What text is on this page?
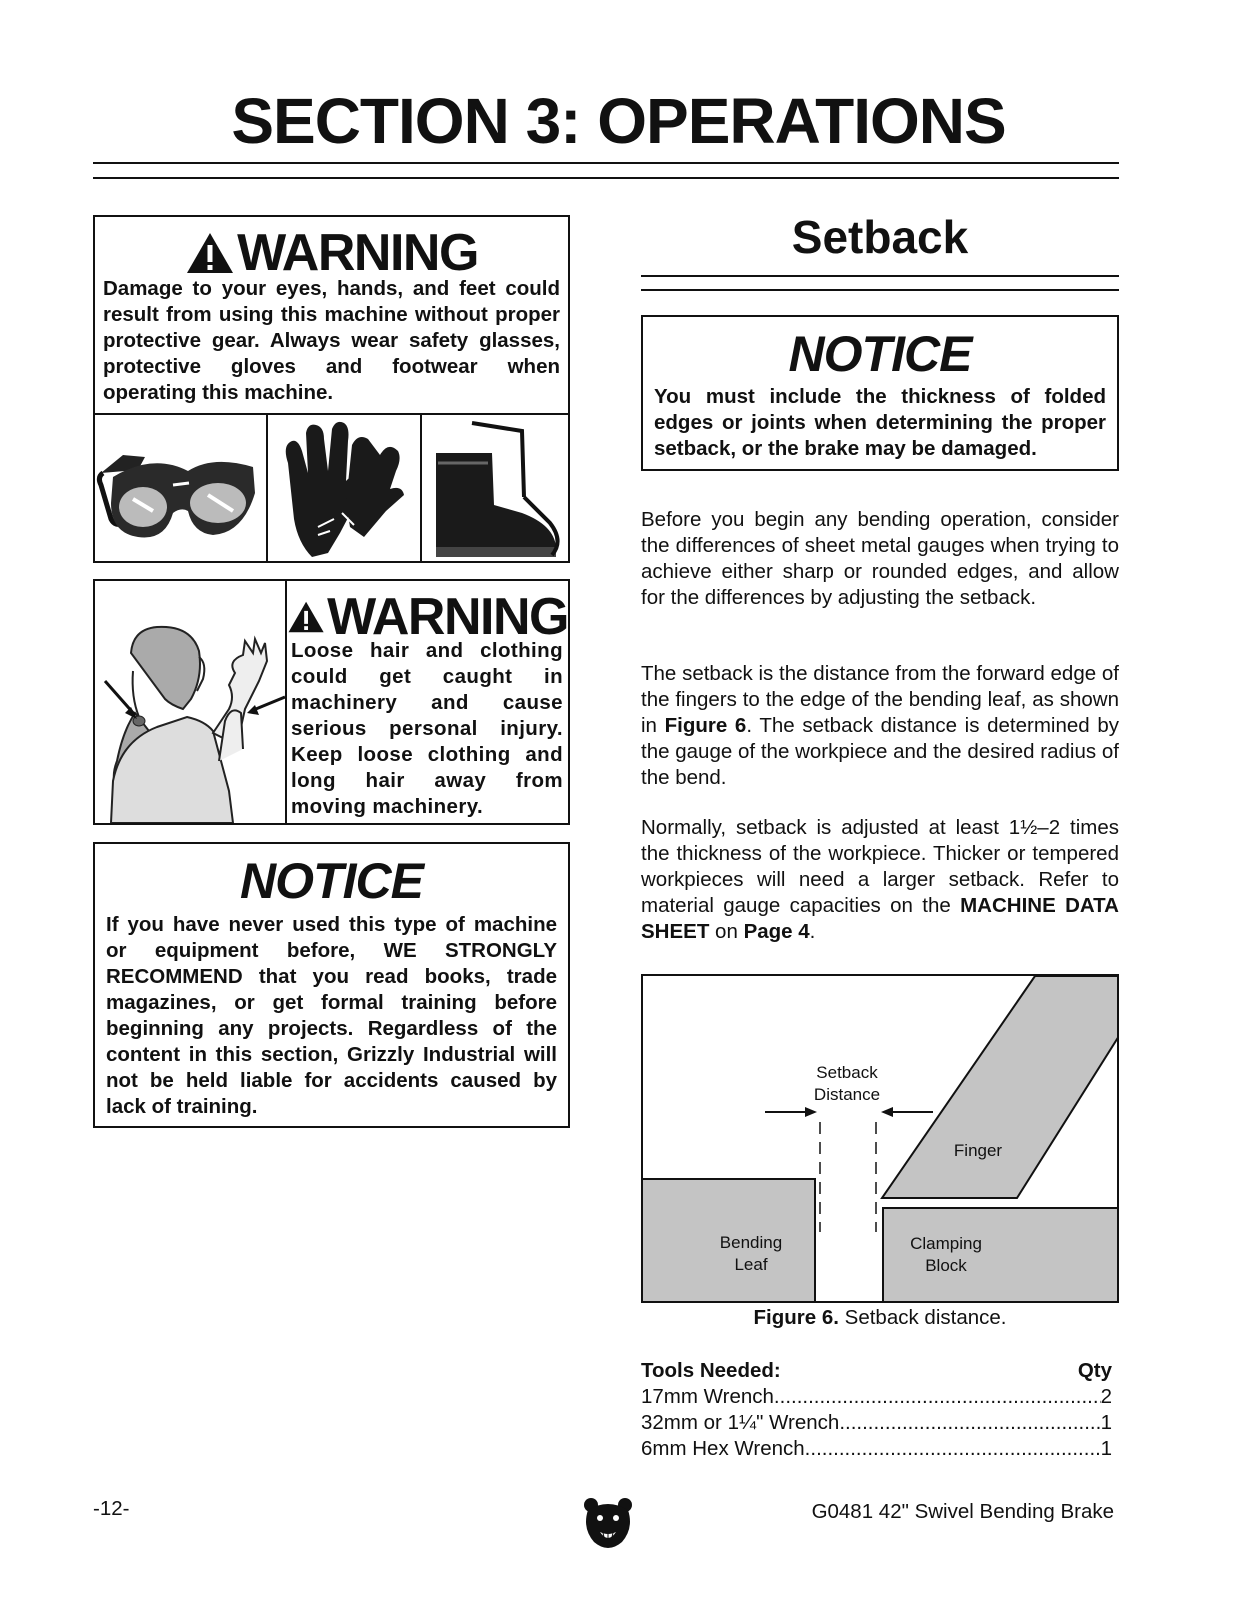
SECTION 3: OPERATIONS
WARNING
Damage to your eyes, hands, and feet could result from using this machine without proper protective gear. Always wear safety glasses, protective gloves and footwear when operating this machine.
WARNING
Loose hair and clothing could get caught in machinery and cause serious personal injury. Keep loose clothing and long hair away from moving machinery.
NOTICE
If you have never used this type of machine or equipment before, WE STRONGLY RECOMMEND that you read books, trade magazines, or get formal training before beginning any projects. Regardless of the content in this section, Grizzly Industrial will not be held liable for accidents caused by lack of training.
Setback
NOTICE
You must include the thickness of folded edges or joints when determining the proper setback, or the brake may be damaged.
Before you begin any bending operation, consider the differences of sheet metal gauges when trying to achieve either sharp or rounded edges, and allow for the differences by adjusting the setback.
The setback is the distance from the forward edge of the fingers to the edge of the bending leaf, as shown in Figure 6. The setback distance is determined by the gauge of the workpiece and the desired radius of the bend.
Normally, setback is adjusted at least 1½–2 times the thickness of the workpiece. Thicker or tempered workpieces will need a larger setback. Refer to material gauge capacities on the MACHINE DATA SHEET on Page 4.
Setback
Distance
Finger
Bending
Leaf
Clamping
Block
Figure 6. Setback distance.
Tools Needed:	Qty
17mm Wrench .....	2
32mm or 1¼" Wrench .....	1
6mm Hex Wrench .....	1
-12-	G0481 42" Swivel Bending Brake
